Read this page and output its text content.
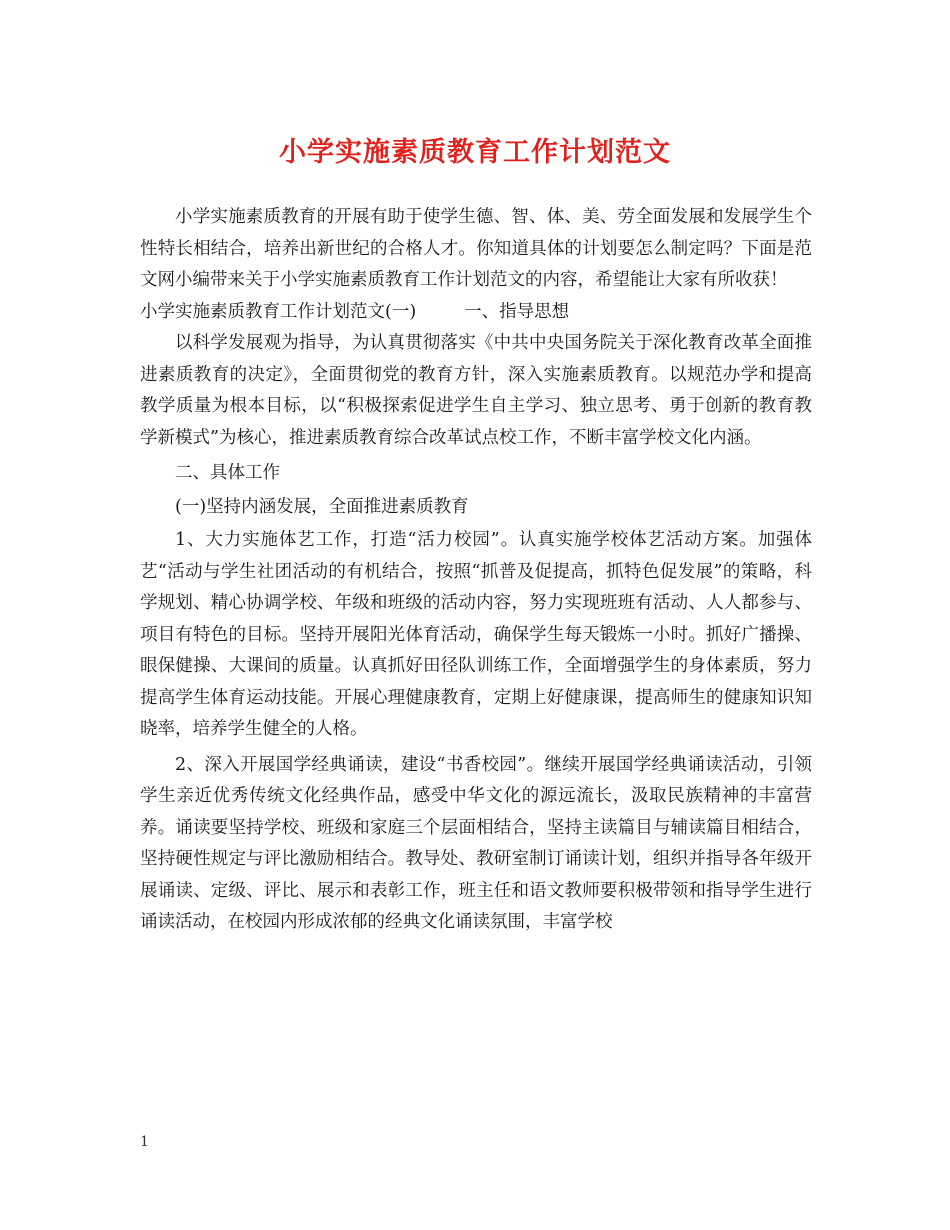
小学实施素质教育工作计划范文

小学实施素质教育的开展有助于使学生德、智、体、美、劳全面发展和发展学生个性特长相结合，培养出新世纪的合格人才。你知道具体的计划要怎么制定吗？下面是范文网小编带来关于小学实施素质教育工作计划范文的内容，希望能让大家有所收获！

小学实施素质教育工作计划范文(一)	一、指导思想

以科学发展观为指导，为认真贯彻落实《中共中央国务院关于深化教育改革全面推进素质教育的决定》，全面贯彻党的教育方针，深入实施素质教育。以规范办学和提高教学质量为根本目标，以“积极探索促进学生自主学习、独立思考、勇于创新的教育教学新模式”为核心，推进素质教育综合改革试点校工作，不断丰富学校文化内涵。

二、具体工作

(一)坚持内涵发展，全面推进素质教育

1、大力实施体艺工作，打造“活力校园”。认真实施学校体艺活动方案。加强体艺“活动与学生社团活动的有机结合，按照“抓普及促提高，抓特色促发展”的策略，科学规划、精心协调学校、年级和班级的活动内容，努力实现班班有活动、人人都参与、项目有特色的目标。坚持开展阳光体育活动，确保学生每天锻炼一小时。抓好广播操、眼保健操、大课间的质量。认真抓好田径队训练工作，全面增强学生的身体素质，努力提高学生体育运动技能。开展心理健康教育，定期上好健康课，提高师生的健康知识知晓率，培养学生健全的人格。

2、深入开展国学经典诵读，建设“书香校园”。继续开展国学经典诵读活动，引领学生亲近优秀传统文化经典作品，感受中华文化的源远流长，汲取民族精神的丰富营养。诵读要坚持学校、班级和家庭三个层面相结合，坚持主读篇目与辅读篇目相结合，坚持硬性规定与评比激励相结合。教导处、教研室制订诵读计划，组织并指导各年级开展诵读、定级、评比、展示和表彰工作，班主任和语文教师要积极带领和指导学生进行诵读活动，在校园内形成浓郁的经典文化诵读氛围，丰富学校

1
